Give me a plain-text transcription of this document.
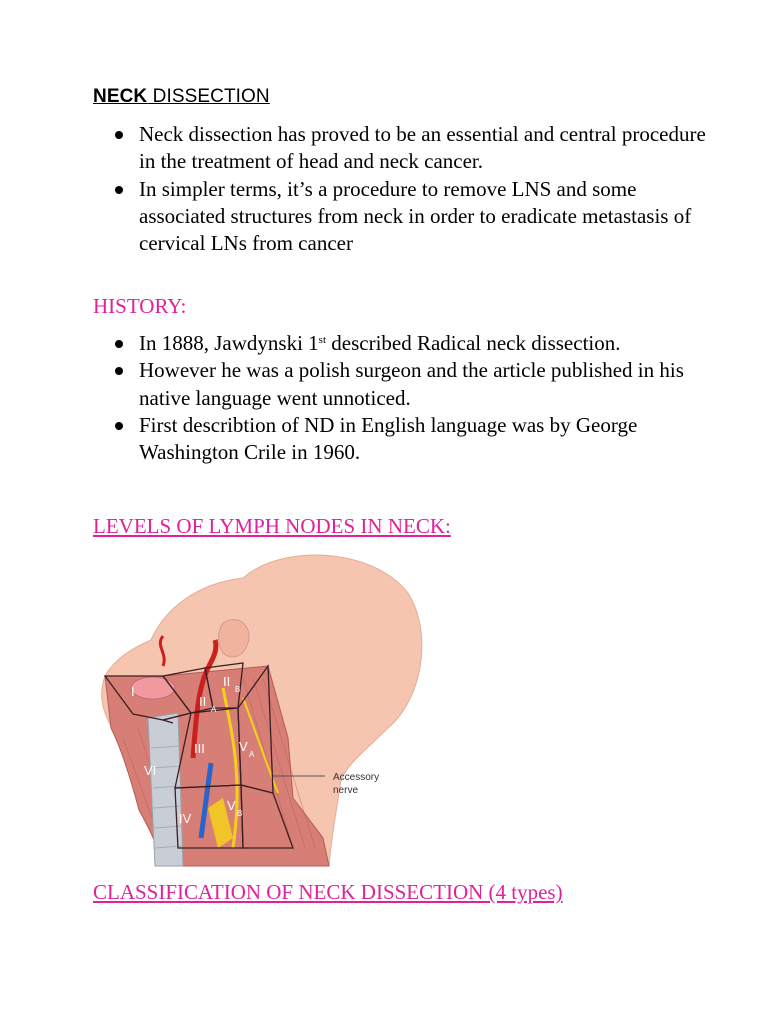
NECK DISSECTION
Neck dissection has proved to be an essential and central procedure in the treatment of head and neck cancer.
In simpler terms, it’s a procedure to remove LNS and some associated structures from neck in order to eradicate metastasis of cervical LNs from cancer
HISTORY:
In 1888, Jawdynski 1st described Radical neck dissection.
However he was a polish surgeon and the article published in his native language went unnoticed.
First describtion of ND in English language was by George Washington Crile in 1960.
LEVELS OF LYMPH NODES IN NECK:
Accessory
nerve
I
II
A
II
B
III
IV
V
A
V
B
VI
CLASSIFICATION OF NECK DISSECTION (4 types)
